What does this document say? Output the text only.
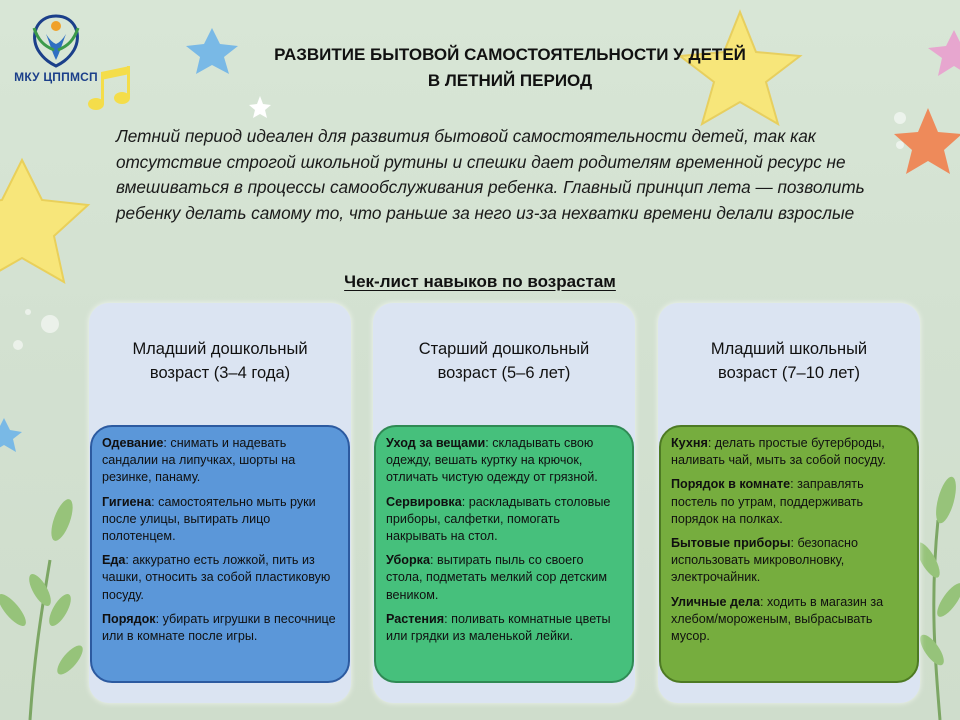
МКУ ЦППМСП
РАЗВИТИЕ БЫТОВОЙ САМОСТОЯТЕЛЬНОСТИ У ДЕТЕЙ
В ЛЕТНИЙ ПЕРИОД
Летний период идеален для развития бытовой самостоятельности детей, так как отсутствие строгой школьной рутины и спешки дает родителям временной ресурс не вмешиваться в процессы самообслуживания ребенка. Главный принцип лета — позволить ребенку делать самому то, что раньше за него из-за нехватки времени делали взрослые
Чек-лист навыков по возрастам
Младший дошкольный
возраст (3–4 года)

Одевание: снимать и надевать сандалии на липучках, шорты на резинке, панаму.

Гигиена: самостоятельно мыть руки после улицы, вытирать лицо полотенцем.

Еда: аккуратно есть ложкой, пить из чашки, относить за собой пластиковую посуду.

Порядок: убирать игрушки в песочнице или в комнате после игры.

Старший дошкольный
возраст (5–6 лет)

Уход за вещами: складывать свою одежду, вешать куртку на крючок, отличать чистую одежду от грязной.

Сервировка: раскладывать столовые приборы, салфетки, помогать накрывать на стол.

Уборка: вытирать пыль со своего стола, подметать мелкий сор детским веником.

Растения: поливать комнатные цветы или грядки из маленькой лейки.

Младший школьный
возраст (7–10 лет)

Кухня: делать простые бутерброды, наливать чай, мыть за собой посуду.

Порядок в комнате: заправлять постель по утрам, поддерживать порядок на полках.

Бытовые приборы: безопасно использовать микроволновку, электрочайник.

Уличные дела: ходить в магазин за хлебом/мороженым, выбрасывать мусор.
